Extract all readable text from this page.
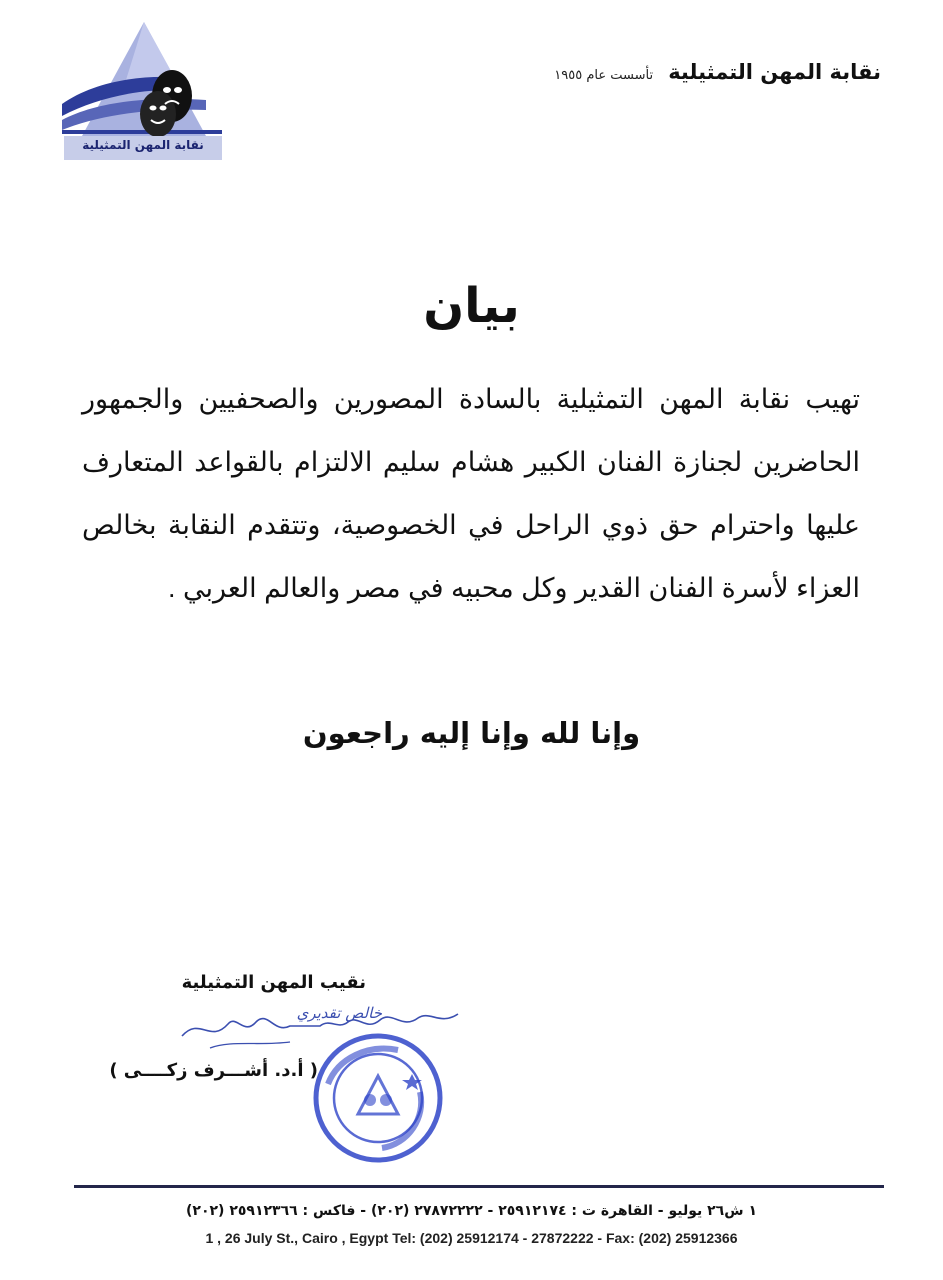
نقابة المهن التمثيلية
نقابة المهن التمثيلية تأسست عام ١٩٥٥
بيان
تهيب نقابة المهن التمثيلية بالسادة المصورين والصحفيين والجمهور الحاضرين لجنازة الفنان الكبير هشام سليم الالتزام بالقواعد المتعارف عليها واحترام حق ذوي الراحل في الخصوصية، وتتقدم النقابة بخالص العزاء لأسرة الفنان القدير وكل محبيه في مصر والعالم العربي .
وإنا لله وإنا إليه راجعون
نقيب المهن التمثيلية
خالص تقديري
( أ.د. أشـــرف زكــــى )
١ ش٢٦ يوليو - القاهرة ت : ٢٥٩١٢١٧٤ - ٢٧٨٧٢٢٢٢ (٢٠٢) - فاكس : ٢٥٩١٢٣٦٦ (٢٠٢)
1 , 26 July St., Cairo , Egypt Tel: (202) 25912174 - 27872222 - Fax: (202) 25912366
